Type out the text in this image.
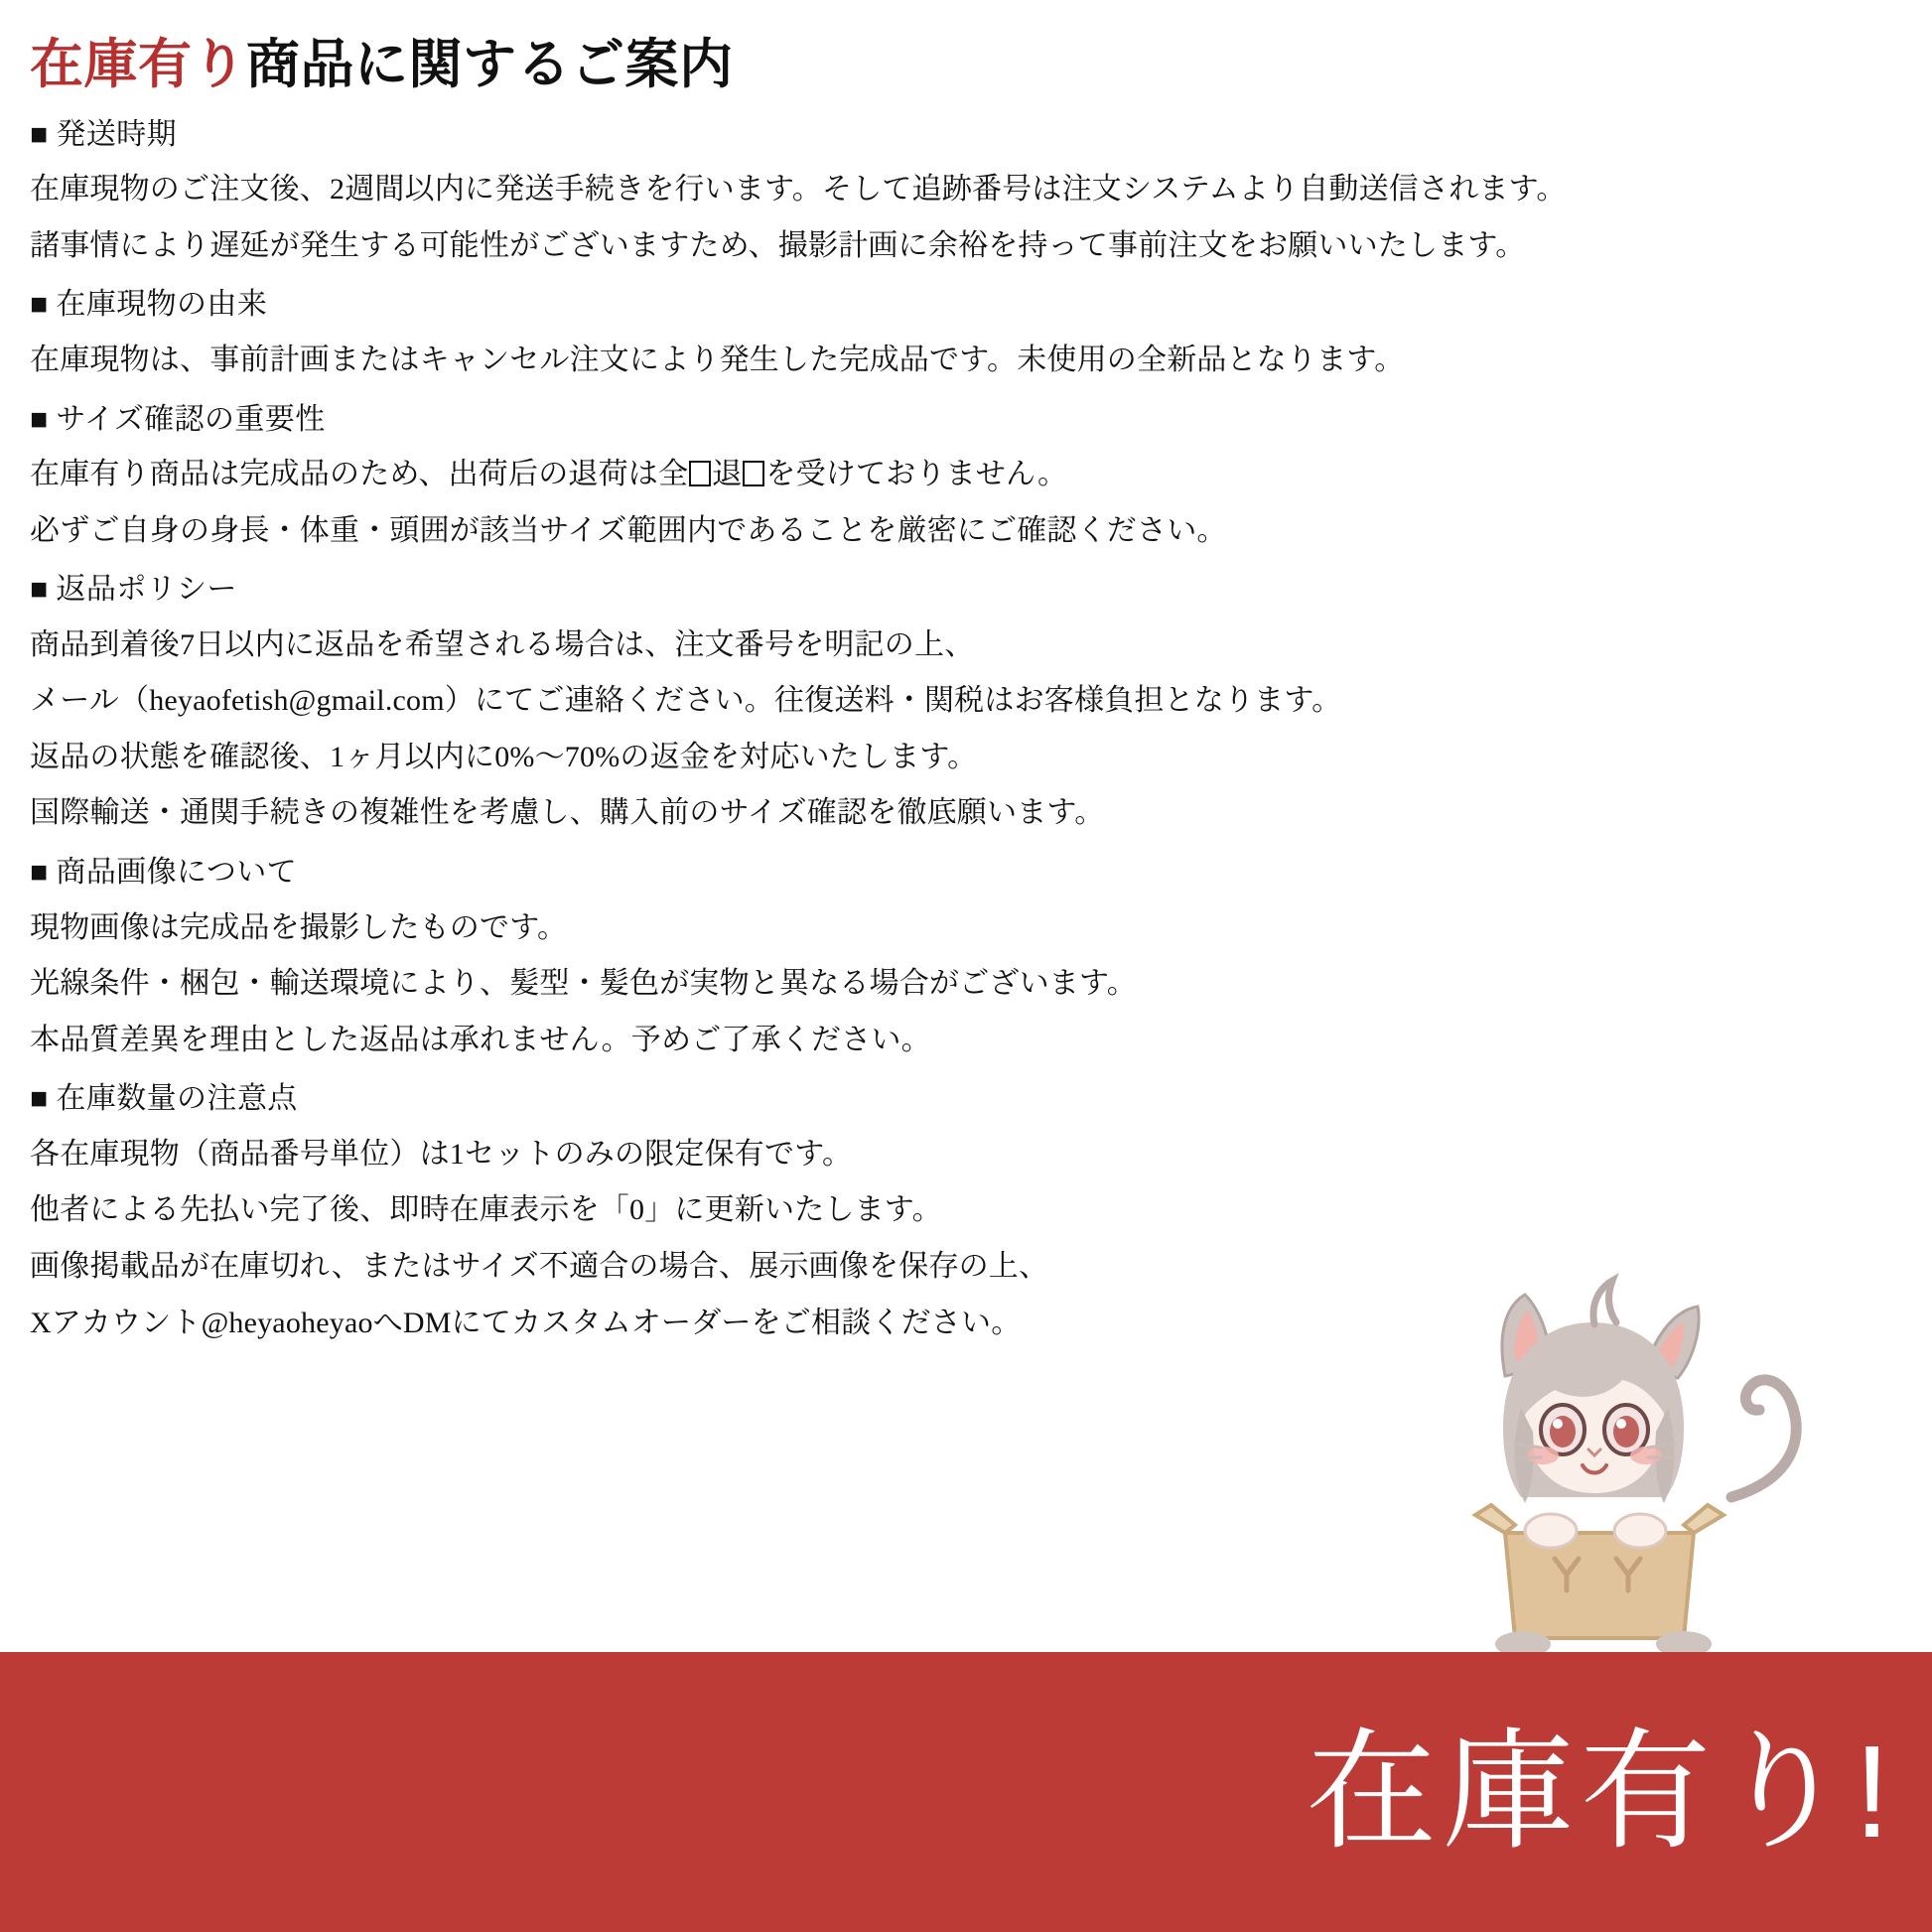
在庫有り商品に関するご案内
■ 発送時期

在庫現物のご注文後、2週間以内に発送手続きを行います。そして追跡番号は注文システムより自動送信されます。

諸事情により遅延が発生する可能性がございますため、撮影計画に余裕を持って事前注文をお願いいたします。

■ 在庫現物の由来

在庫現物は、事前計画またはキャンセル注文により発生した完成品です。未使用の全新品となります。

■ サイズ確認の重要性

在庫有り商品は完成品のため、出荷后の退荷は全 退 を受けておりません。

必ずご自身の身長・体重・頭囲が該当サイズ範囲内であることを厳密にご確認ください。

■ 返品ポリシー

商品到着後7日以内に返品を希望される場合は、注文番号を明記の上、

メール（heyaofetish@gmail.com）にてご連絡ください。往復送料・関税はお客様負担となります。

返品の状態を確認後、1ヶ月以内に0%〜70%の返金を対応いたします。

国際輸送・通関手続きの複雑性を考慮し、購入前のサイズ確認を徹底願います。

■ 商品画像について

現物画像は完成品を撮影したものです。

光線条件・梱包・輸送環境により、髪型・髪色が実物と異なる場合がございます。

本品質差異を理由とした返品は承れません。予めご了承ください。

■ 在庫数量の注意点

各在庫現物（商品番号単位）は1セットのみの限定保有です。

他者による先払い完了後、即時在庫表示を「0」に更新いたします。

画像掲載品が在庫切れ、またはサイズ不適合の場合、展示画像を保存の上、

Xアカウント@heyaoheyaoへDMにてカスタムオーダーをご相談ください。

在庫有り!
